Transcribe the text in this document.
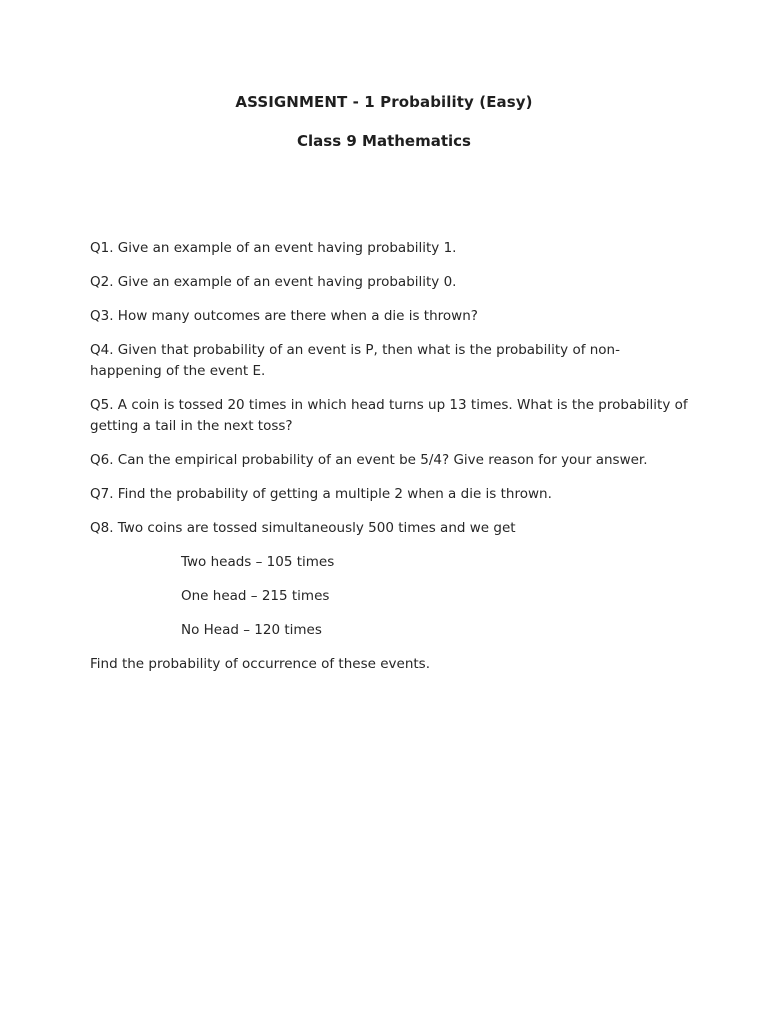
ASSIGNMENT - 1 Probability (Easy)
Class 9 Mathematics

Q1. Give an example of an event having probability 1.

Q2. Give an example of an event having probability 0.

Q3. How many outcomes are there when a die is thrown?

Q4. Given that probability of an event is P, then what is the probability of non-happening of the event E.

Q5. A coin is tossed 20 times in which head turns up 13 times. What is the probability of getting a tail in the next toss?

Q6. Can the empirical probability of an event be 5/4? Give reason for your answer.

Q7. Find the probability of getting a multiple 2 when a die is thrown.

Q8. Two coins are tossed simultaneously 500 times and we get

Two heads – 105 times

One head – 215 times

No Head – 120 times

Find the probability of occurrence of these events.
